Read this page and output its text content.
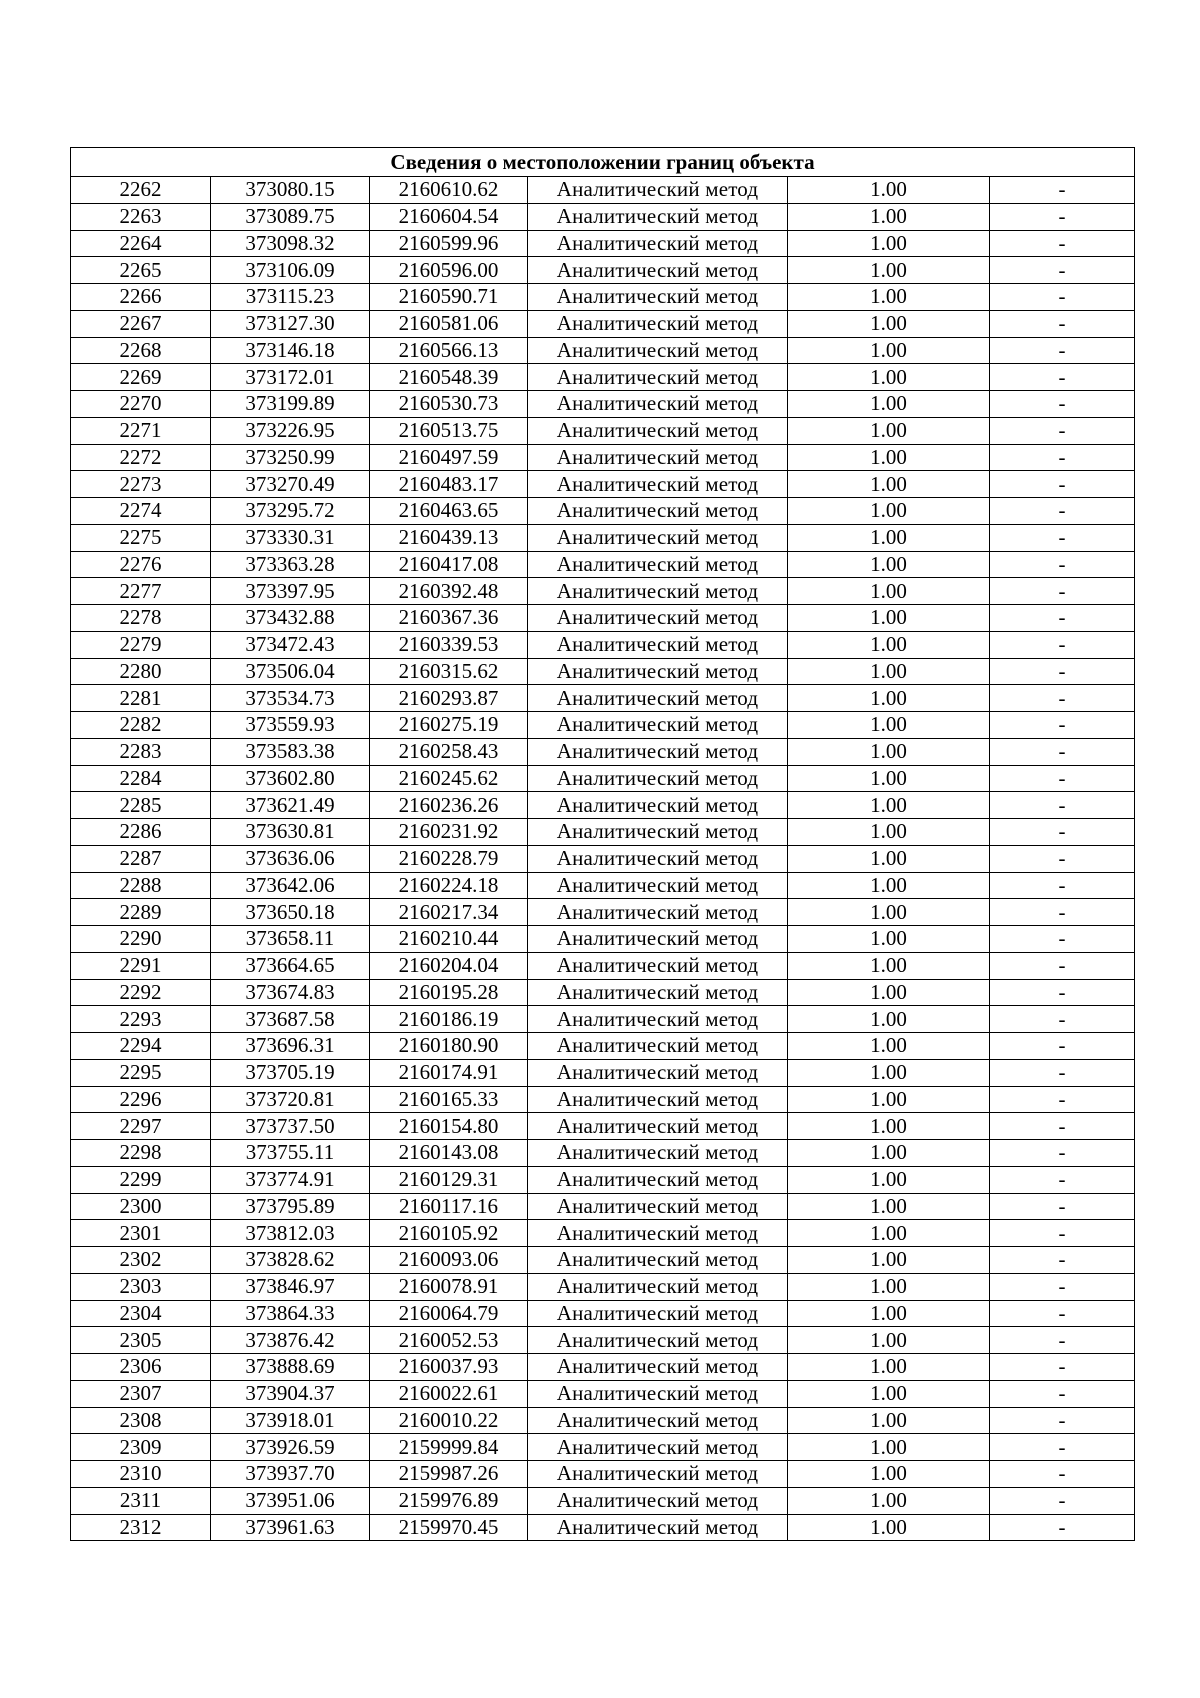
Сведения о местоположении границ объекта					
2262	373080.15	2160610.62	Аналитический метод	1.00	-
2263	373089.75	2160604.54	Аналитический метод	1.00	-
2264	373098.32	2160599.96	Аналитический метод	1.00	-
2265	373106.09	2160596.00	Аналитический метод	1.00	-
2266	373115.23	2160590.71	Аналитический метод	1.00	-
2267	373127.30	2160581.06	Аналитический метод	1.00	-
2268	373146.18	2160566.13	Аналитический метод	1.00	-
2269	373172.01	2160548.39	Аналитический метод	1.00	-
2270	373199.89	2160530.73	Аналитический метод	1.00	-
2271	373226.95	2160513.75	Аналитический метод	1.00	-
2272	373250.99	2160497.59	Аналитический метод	1.00	-
2273	373270.49	2160483.17	Аналитический метод	1.00	-
2274	373295.72	2160463.65	Аналитический метод	1.00	-
2275	373330.31	2160439.13	Аналитический метод	1.00	-
2276	373363.28	2160417.08	Аналитический метод	1.00	-
2277	373397.95	2160392.48	Аналитический метод	1.00	-
2278	373432.88	2160367.36	Аналитический метод	1.00	-
2279	373472.43	2160339.53	Аналитический метод	1.00	-
2280	373506.04	2160315.62	Аналитический метод	1.00	-
2281	373534.73	2160293.87	Аналитический метод	1.00	-
2282	373559.93	2160275.19	Аналитический метод	1.00	-
2283	373583.38	2160258.43	Аналитический метод	1.00	-
2284	373602.80	2160245.62	Аналитический метод	1.00	-
2285	373621.49	2160236.26	Аналитический метод	1.00	-
2286	373630.81	2160231.92	Аналитический метод	1.00	-
2287	373636.06	2160228.79	Аналитический метод	1.00	-
2288	373642.06	2160224.18	Аналитический метод	1.00	-
2289	373650.18	2160217.34	Аналитический метод	1.00	-
2290	373658.11	2160210.44	Аналитический метод	1.00	-
2291	373664.65	2160204.04	Аналитический метод	1.00	-
2292	373674.83	2160195.28	Аналитический метод	1.00	-
2293	373687.58	2160186.19	Аналитический метод	1.00	-
2294	373696.31	2160180.90	Аналитический метод	1.00	-
2295	373705.19	2160174.91	Аналитический метод	1.00	-
2296	373720.81	2160165.33	Аналитический метод	1.00	-
2297	373737.50	2160154.80	Аналитический метод	1.00	-
2298	373755.11	2160143.08	Аналитический метод	1.00	-
2299	373774.91	2160129.31	Аналитический метод	1.00	-
2300	373795.89	2160117.16	Аналитический метод	1.00	-
2301	373812.03	2160105.92	Аналитический метод	1.00	-
2302	373828.62	2160093.06	Аналитический метод	1.00	-
2303	373846.97	2160078.91	Аналитический метод	1.00	-
2304	373864.33	2160064.79	Аналитический метод	1.00	-
2305	373876.42	2160052.53	Аналитический метод	1.00	-
2306	373888.69	2160037.93	Аналитический метод	1.00	-
2307	373904.37	2160022.61	Аналитический метод	1.00	-
2308	373918.01	2160010.22	Аналитический метод	1.00	-
2309	373926.59	2159999.84	Аналитический метод	1.00	-
2310	373937.70	2159987.26	Аналитический метод	1.00	-
2311	373951.06	2159976.89	Аналитический метод	1.00	-
2312	373961.63	2159970.45	Аналитический метод	1.00	-
